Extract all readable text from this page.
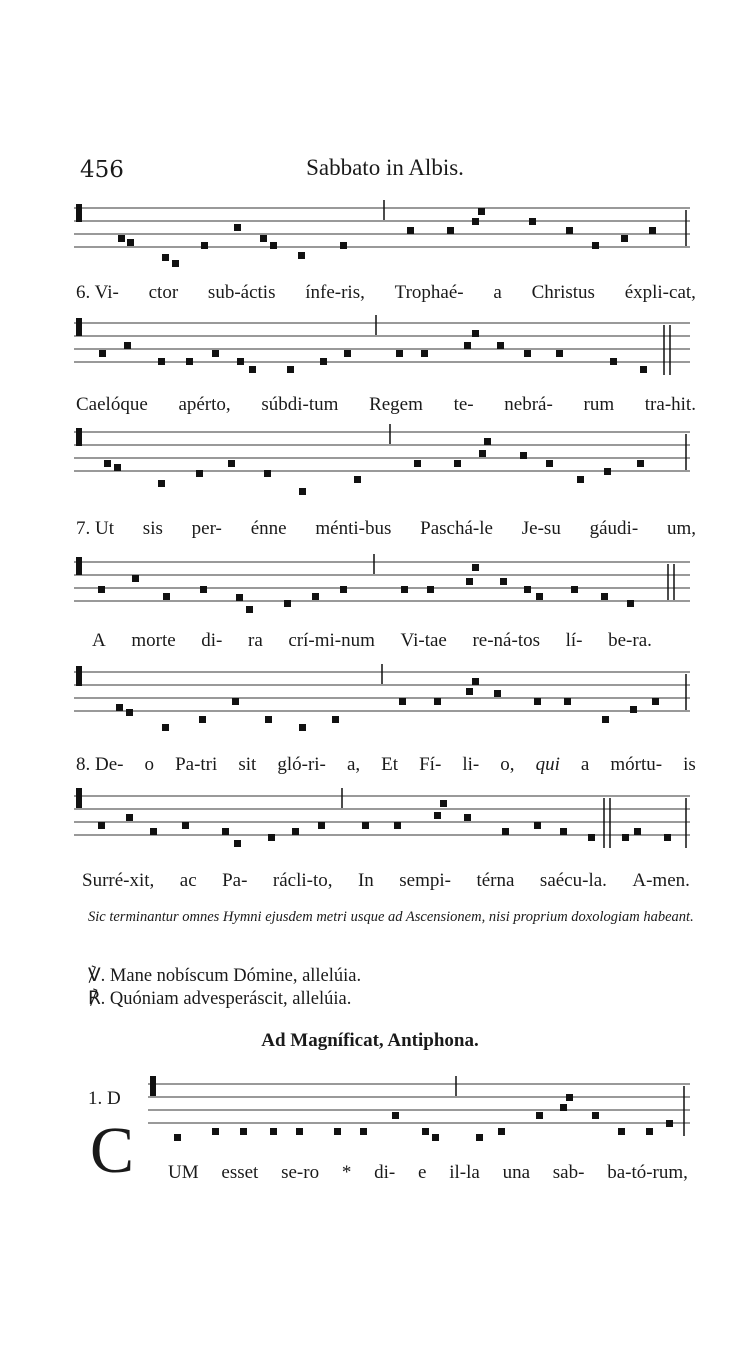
456	Sabbato in Albis.
6. Vi- ctor sub-áctis ínfe-ris, Trophaé- a Christus éxpli-cat,
Caelóque apérto, súbdi-tum Regem te- nebrá- rum tra-hit.
7. Ut sis per- énne ménti-bus Paschá-le Je-su gáudi- um,
A morte di- ra crí-mi-num Vi-tae re-ná-tos lí- be-ra.
8. De- o Pa-tri sit gló-ri- a, Et Fí- li- o, qui a mórtu- is
Surré-xit, ac Pa- rácli-to, In sempi- térna saécu-la. A-men.
Sic terminantur omnes Hymni ejusdem metri usque ad Ascensionem, nisi proprium doxologiam habeant.
℣. Mane nobíscum Dómine, allelúia.
℟. Quóniam advesperáscit, allelúia.
Ad Magníficat, Antiphona.
1. D
C UM esset se-ro * di- e il-la una sab- ba-tó-rum,
